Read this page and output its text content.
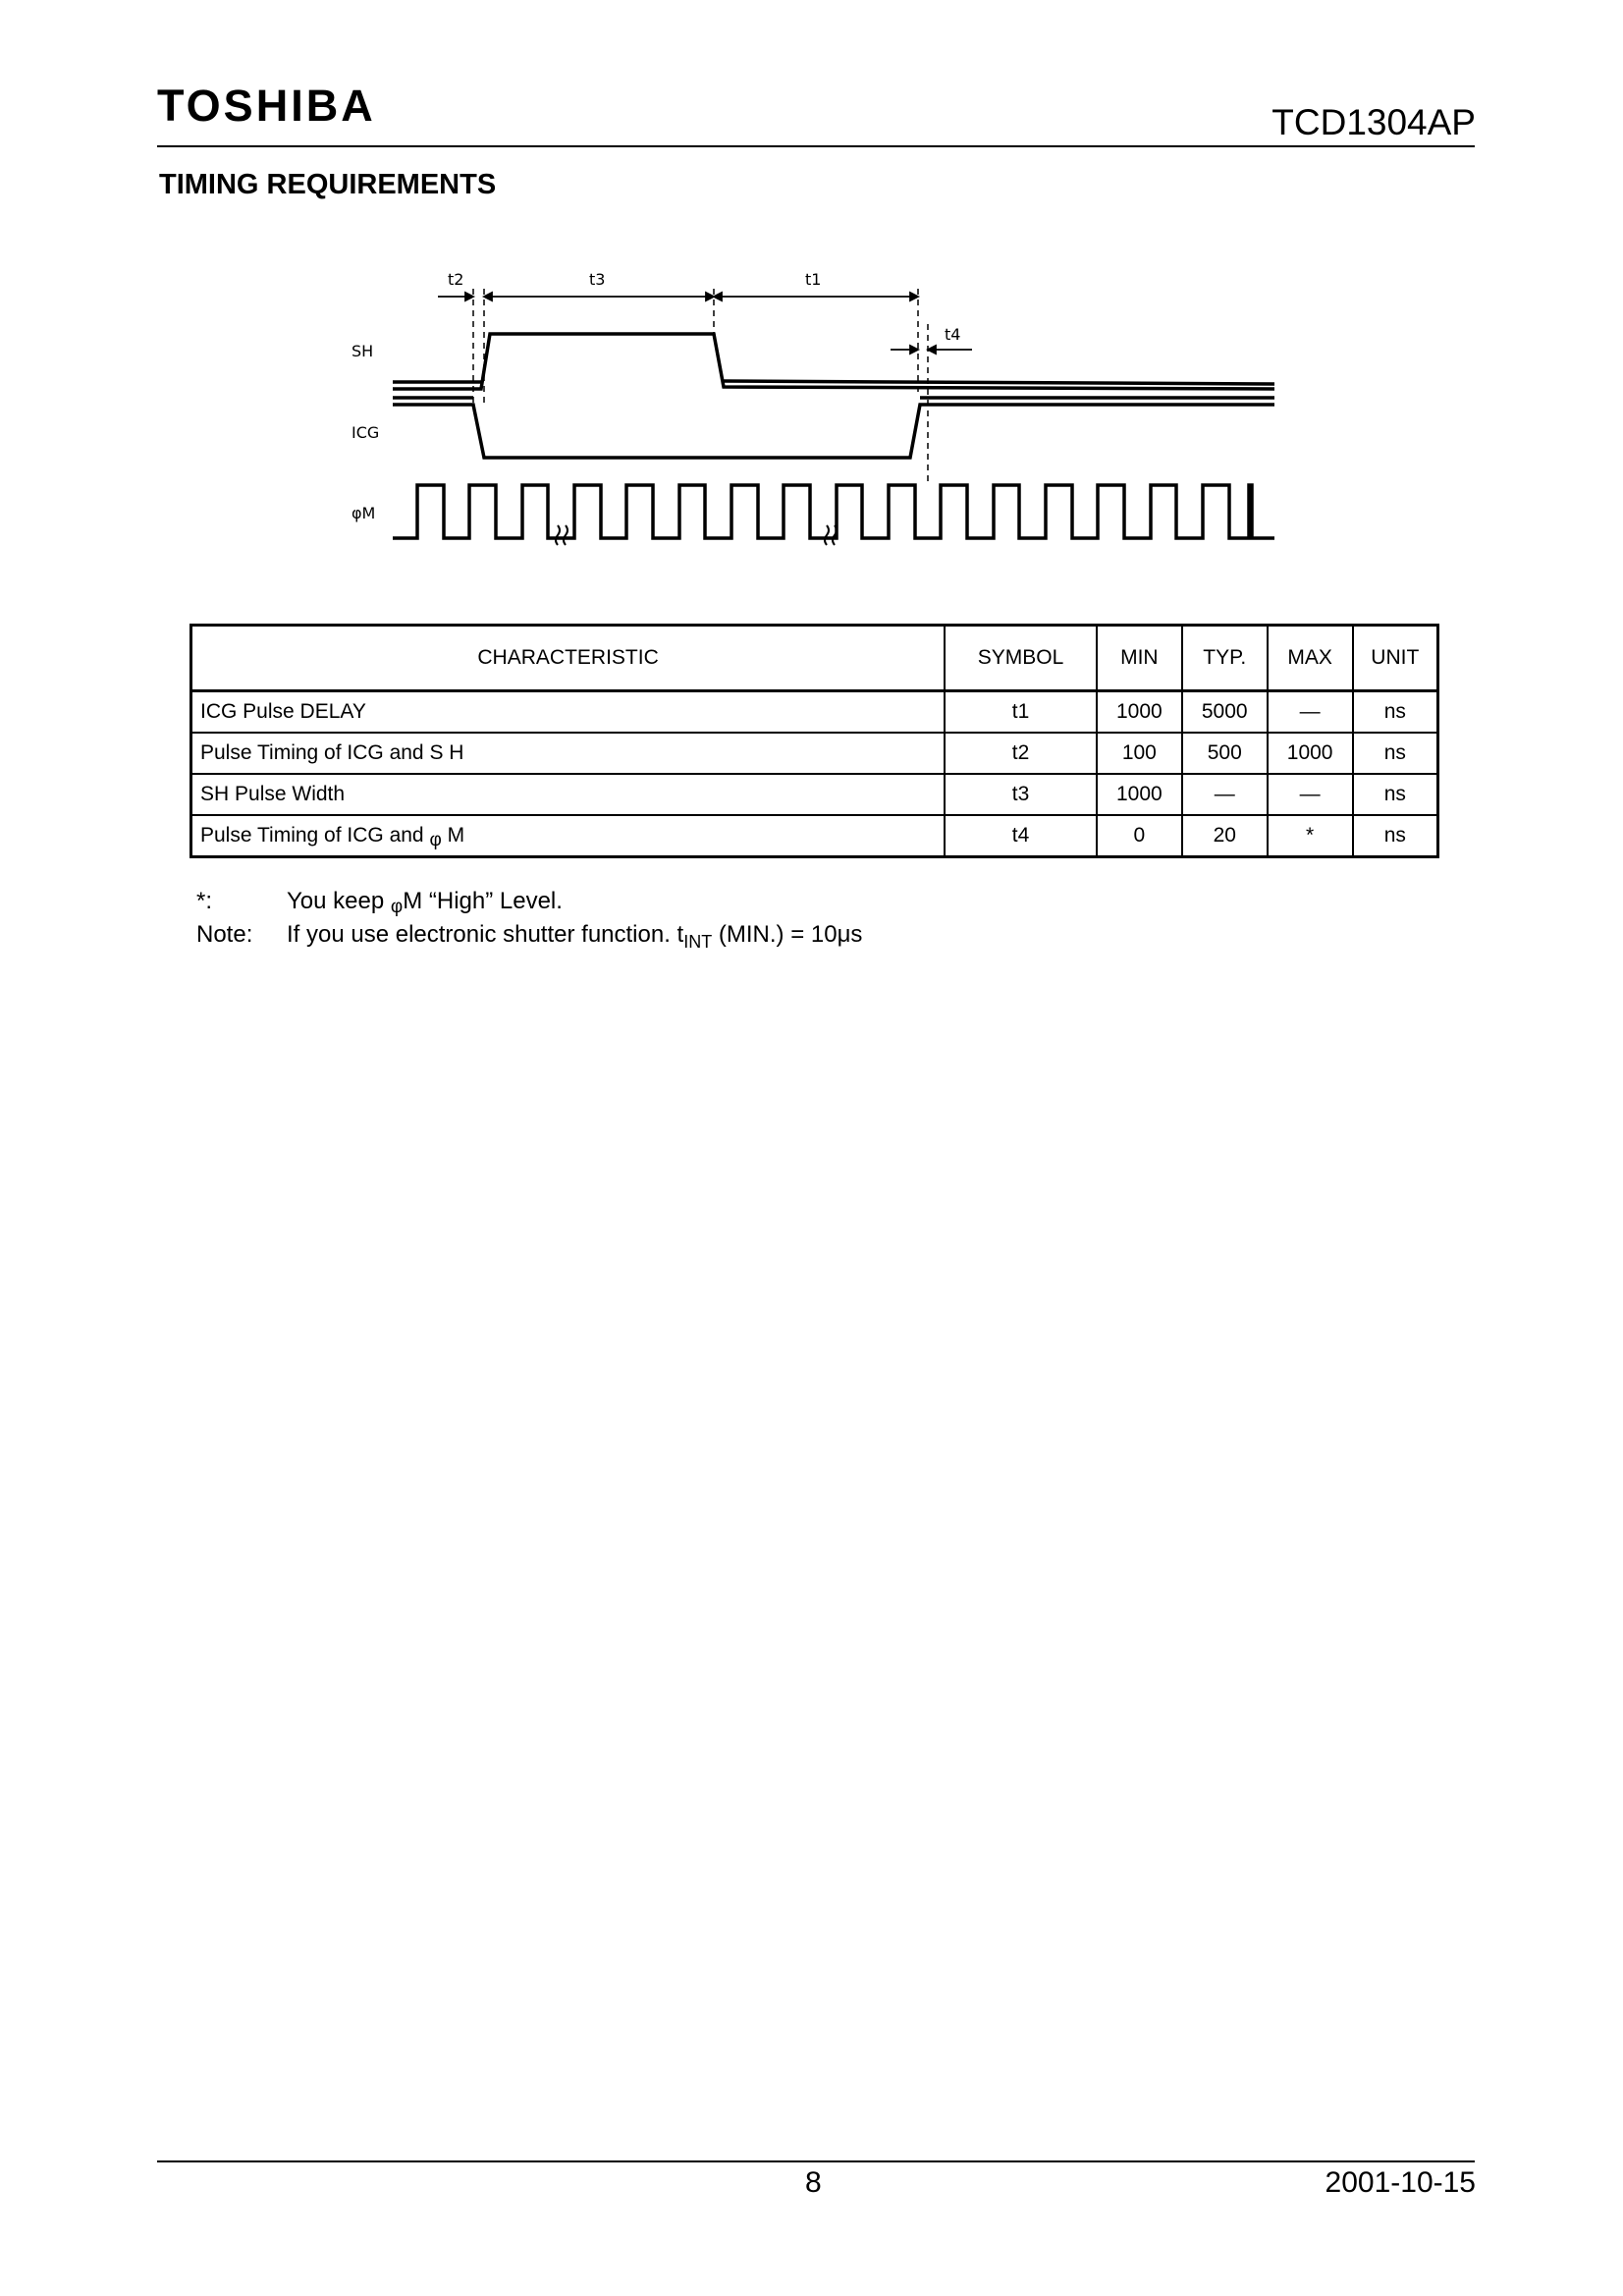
TOSHIBA	TCD1304AP
TIMING REQUIREMENTS
t2	t3	t1
t4
SH
ICG
φM
CHARACTERISTIC	SYMBOL	MIN	TYP.	MAX	UNIT
ICG Pulse DELAY	t1	1000	5000	—	ns
Pulse Timing of ICG and S H	t2	100	500	1000	ns
SH Pulse Width	t3	1000	—	—	ns
Pulse Timing of ICG and φ M	t4	0	20	*	ns
*:	You keep φM “High” Level.
Note: If you use electronic shutter function. $t_{INT}$ (MIN.) = 10μs
8	2001-10-15
